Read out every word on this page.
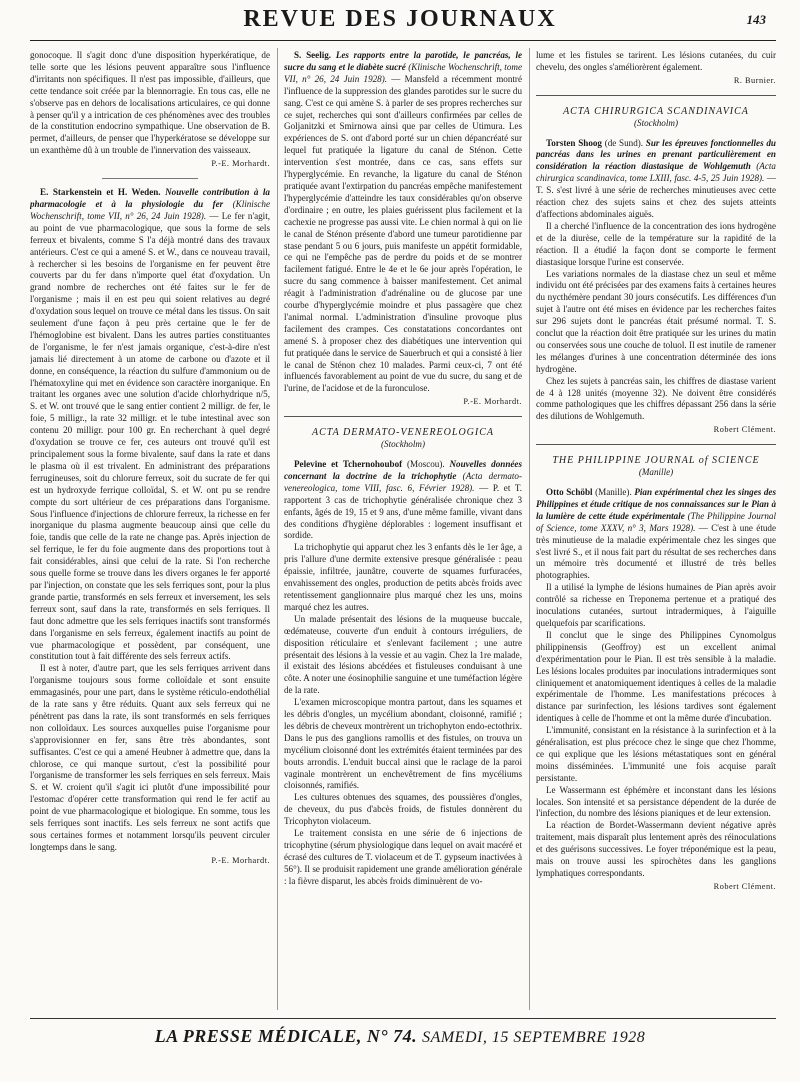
REVUE DES JOURNAUX	143

gonocoque. Il s'agit donc d'une disposition hyperkératique, de telle sorte que les lésions peuvent apparaître sous l'influence d'irritants non spécifiques. Il n'est pas impossible, d'ailleurs, que cette tendance soit créée par la blennorragie. En tous cas, elle ne s'observe pas en dehors de localisations articulaires, ce qui donne à penser qu'il y a intrication de ces phénomènes avec des troubles de la constitution endocrino sympathique. Une observation de B. permet, d'ailleurs, de penser que l'hyperkératose se développe sur un exanthème dû à un trouble de l'innervation des vaisseaux.

P.-E. Morhardt.

E. Starkenstein et H. Weden. Nouvelle contribution à la pharmacologie et à la physiologie du fer (Klinische Wochenschrift, tome VII, n° 26, 24 Juin 1928). — Le fer n'agit, au point de vue pharmacologique, que sous la forme de sels ferreux et bivalents, comme S l'a déjà montré dans des travaux antérieurs. C'est ce qui a amené S. et W., dans ce nouveau travail, à rechercher si les besoins de l'organisme en fer peuvent être couverts par du fer dans n'importe quel état d'oxydation. Un grand nombre de recherches ont été faites sur le fer de l'organisme ; mais il en est peu qui soient relatives au degré d'oxydation sous lequel on trouve ce métal dans les tissus. On sait seulement d'une façon à peu près certaine que le fer de l'hémoglobine est bivalent. Dans les autres parties constituantes de l'organisme, le fer n'est jamais organique, c'est-à-dire n'est jamais lié directement à un atome de carbone ou d'azote et il donne, en conséquence, la réaction du sulfure d'ammonium ou de l'hématoxyline qui met en évidence son caractère inorganique. En traitant les organes avec une solution d'acide chlorhydrique n/5, S. et W. ont trouvé que le sang entier contient 2 milligr. de fer, le foie, 5 milligr., la rate 32 milligr. et le tube intestinal avec son contenu 20 milligr. pour 100 gr. En recherchant à quel degré d'oxydation se trouve ce fer, ces auteurs ont trouvé qu'il est principalement sous la forme bivalente, sauf dans la rate et dans le plasma où il est trivalent. En administrant des préparations ferrugineuses, soit du chlorure ferreux, soit du sucrate de fer qui est un hydroxyde ferrique colloïdal, S. et W. ont pu se rendre compte du sort ultérieur de ces préparations dans l'organisme. Sous l'influence d'injections de chlorure ferreux, la richesse en fer inorganique du plasma augmente beaucoup ainsi que celle du foie, tandis que celle de la rate ne change pas. Après injection de sel ferrique, le fer du foie augmente dans des proportions tout à fait considérables, ainsi que celui de la rate. Si l'on recherche sous quelle forme se trouve dans les divers organes le fer apporté par l'injection, on constate que les sels ferriques sont, pour la plus grande partie, transformés en sels ferreux et inversement, les sels ferreux sont, sauf dans la rate, transformés en sels ferriques. Il faut donc admettre que les sels ferriques inactifs sont transformés dans l'organisme en sels ferreux, également inactifs au point de vue pharmacologique et possèdent, par conséquent, une constitution tout à fait différente des sels ferreux actifs.

Il est à noter, d'autre part, que les sels ferriques arrivent dans l'organisme toujours sous forme colloïdale et sont ensuite emmagasinés, pour une part, dans le système réticulo-endothélial de la rate sans y être réduits. Quant aux sels ferreux qui ne pénètrent pas dans la rate, ils sont transformés en sels ferriques non colloïdaux. Les sources auxquelles puise l'organisme pour s'approvisionner en fer, sans être très abondantes, sont suffisantes. C'est ce qui a amené Heubner à admettre que, dans la chlorose, ce qui manque surtout, c'est la possibilité pour l'organisme de transformer les sels ferriques en sels ferreux. Mais S. et W. croient qu'il s'agit ici plutôt d'une impossibilité pour l'estomac d'opérer cette transformation qui rend le fer actif au point de vue pharmacologique et biologique. En somme, tous les sels ferriques sont inactifs. Les sels ferreux ne sont actifs que sous certaines formes et notamment lorsqu'ils peuvent circuler longtemps dans le sang.

P.-E. Morhardt.

S. Seelig. Les rapports entre la parotide, le pancréas, le sucre du sang et le diabète sucré (Klinische Wochenschrift, tome VII, n° 26, 24 Juin 1928). — Mansfeld a récemment montré l'influence de la suppression des glandes parotides sur le sucre du sang. C'est ce qui amène S. à parler de ses propres recherches sur ce sujet, recherches qui sont d'ailleurs confirmées par celles de Goljanitzki et Smirnowa ainsi que par celles de Utimura. Les expériences de S. ont d'abord porté sur un chien dépancréaté sur lequel fut pratiquée la ligature du canal de Sténon. Cette intervention s'est montrée, dans ce cas, sans effets sur l'hyperglycémie. En revanche, la ligature du canal de Sténon pratiquée avant l'extirpation du pancréas empêche manifestement l'hyperglycémie d'atteindre les taux considérables qu'on observe d'ordinaire ; en outre, les plaies guérissent plus facilement et la cachexie ne progresse pas aussi vite. Le chien normal à qui on lie le canal de Sténon présente d'abord une tumeur parotidienne par stase pendant 5 ou 6 jours, puis manifeste un appétit formidable, ce qui ne l'empêche pas de perdre du poids et de se montrer facilement fatigué. Entre le 4e et le 6e jour après l'opération, le sucre du sang commence à baisser manifestement. Cet animal réagit à l'administration d'adrénaline ou de glucose par une courbe d'hyperglycémie moindre et plus passagère que chez l'animal normal. L'administration d'insuline provoque plus facilement des crampes. Ces constatations concordantes ont amené S. à proposer chez des diabétiques une intervention qui fut pratiquée dans le service de Sauerbruch et qui a consisté à lier le canal de Sténon chez 10 malades. Parmi ceux-ci, 7 ont été influencés favorablement au point de vue du sucre, du sang et de l'urine, de l'acidose et de la furonculose.

P.-E. Morhardt.

ACTA DERMATO-VENEREOLOGICA
(Stockholm)

Pelevine et Tchernohoubof (Moscou). Nouvelles données concernant la doctrine de la trichophytie (Acta dermato-venereologica, tome VIII, fasc. 6, Février 1928). — P. et T. rapportent 3 cas de trichophytie généralisée chronique chez 3 enfants, âgés de 19, 15 et 9 ans, d'une même famille, vivant dans des conditions d'hygiène déplorables : logement insuffisant et sordide.

La trichophytie qui apparut chez les 3 enfants dès le 1er âge, a pris l'allure d'une dermite extensive presque généralisée : peau épaissie, infiltrée, jaunâtre, couverte de squames furfuracées, envahissement des ongles, production de petits abcès froids avec retentissement ganglionnaire plus marqué chez les uns, moins marqué chez les autres.

Un malade présentait des lésions de la muqueuse buccale, œdémateuse, couverte d'un enduit à contours irréguliers, de disposition réticulaire et s'enlevant facilement ; une autre présentait des lésions à la vessie et au vagin. Chez la 1re malade, il existait des lésions abcédées et fistuleuses conduisant à une côte. A noter une éosinophilie sanguine et une tuméfaction légère de la rate.

L'examen microscopique montra partout, dans les squames et les débris d'ongles, un mycélium abondant, cloisonné, ramifié ; les débris de cheveux montrèrent un trichophyton endo-ectothrix. Dans le pus des ganglions ramollis et des fistules, on trouva un mycélium cloisonné dont les extrémités étaient terminées par des bouts arrondis. L'enduit buccal ainsi que le raclage de la paroi vaginale montrèrent un enchevêtrement de fins mycéliums cloisonnés, ramifiés.

Les cultures obtenues des squames, des poussières d'ongles, de cheveux, du pus d'abcès froids, de fistules donnèrent du Tricophyton violaceum.

Le traitement consista en une série de 6 injections de tricophytine (sérum physiologique dans lequel on avait macéré et écrasé des cultures de T. violaceum et de T. gypseum inactivées à 56°). Il se produisit rapidement une grande amélioration générale : la fièvre disparut, les abcès froids diminuèrent de vo-

lume et les fistules se tarirent. Les lésions cutanées, du cuir chevelu, des ongles s'améliorèrent également.

R. Burnier.

ACTA CHIRURGICA SCANDINAVICA
(Stockholm)

Torsten Shoog (de Sund). Sur les épreuves fonctionnelles du pancréas dans les urines en prenant particulièrement en considération la réaction diastasique de Wohlgemuth (Acta chirurgica scandinavica, tome LXIII, fasc. 4-5, 25 Juin 1928). — T. S. s'est livré à une série de recherches minutieuses avec cette réaction chez des sujets sains et chez des sujets atteints d'affections abdominales aiguës.

Il a cherché l'influence de la concentration des ions hydrogène et de la diurèse, celle de la température sur la rapidité de la réaction. Il a étudié la façon dont se comporte le ferment diastasique lorsque l'urine est conservée.

Les variations normales de la diastase chez un seul et même individu ont été précisées par des examens faits à certaines heures du nycthémère pendant 30 jours consécutifs. Les différences d'un sujet à l'autre ont été mises en évidence par les recherches faites sur 296 sujets dont le pancréas était présumé normal. T. S. conclut que la réaction doit être pratiquée sur les urines du matin ou conservées sous une couche de toluol. Il est inutile de ramener les mélanges d'urines à une concentration déterminée des ions hydrogène.

Chez les sujets à pancréas sain, les chiffres de diastase varient de 4 à 128 unités (moyenne 32). Ne doivent être considérés comme pathologiques que les chiffres dépassant 256 dans la série des dilutions de Wohlgemuth.

Robert Clément.

THE PHILIPPINE JOURNAL of SCIENCE
(Manille)

Otto Schöbl (Manille). Pian expérimental chez les singes des Philippines et étude critique de nos connaissances sur le Pian à la lumière de cette étude expérimentale (The Philippine Journal of Science, tome XXXV, n° 3, Mars 1928). — C'est à une étude très minutieuse de la maladie expérimentale chez les singes que s'est livré S., et il nous fait part du résultat de ses recherches dans un mémoire très documenté et illustré de très belles photographies.

Il a utilisé la lymphe de lésions humaines de Pian après avoir contrôlé sa richesse en Treponema pertenue et a pratiqué des inoculations cutanées, surtout intradermiques, à l'aiguille quelquefois par scarifications.

Il conclut que le singe des Philippines Cynomolgus philippinensis (Geoffroy) est un excellent animal d'expérimentation pour le Pian. Il est très sensible à la maladie. Les lésions locales produites par inoculations intradermiques sont cliniquement et anatomiquement identiques à celles de la maladie expérimentale de l'homme. Les manifestations précoces à distance par surinfection, les lésions tardives sont également identiques à celle de l'homme et ont la même durée d'incubation.

L'immunité, consistant en la résistance à la surinfection et à la généralisation, est plus précoce chez le singe que chez l'homme, ce qui explique que les lésions métastatiques sont en général moins disséminées. L'immunité une fois acquise paraît persistante.

Le Wassermann est éphémère et inconstant dans les lésions locales. Son intensité et sa persistance dépendent de la durée de l'infection, du nombre des lésions pianiques et de leur extension.

La réaction de Bordet-Wassermann devient négative après traitement, mais disparaît plus lentement après des réinoculations et des guérisons successives. Le foyer tréponémique est la peau, mais on trouve aussi les spirochètes dans les ganglions lymphatiques correspondants.

Robert Clément.

LA PRESSE MÉDICALE, N° 74. SAMEDI, 15 SEPTEMBRE 1928
